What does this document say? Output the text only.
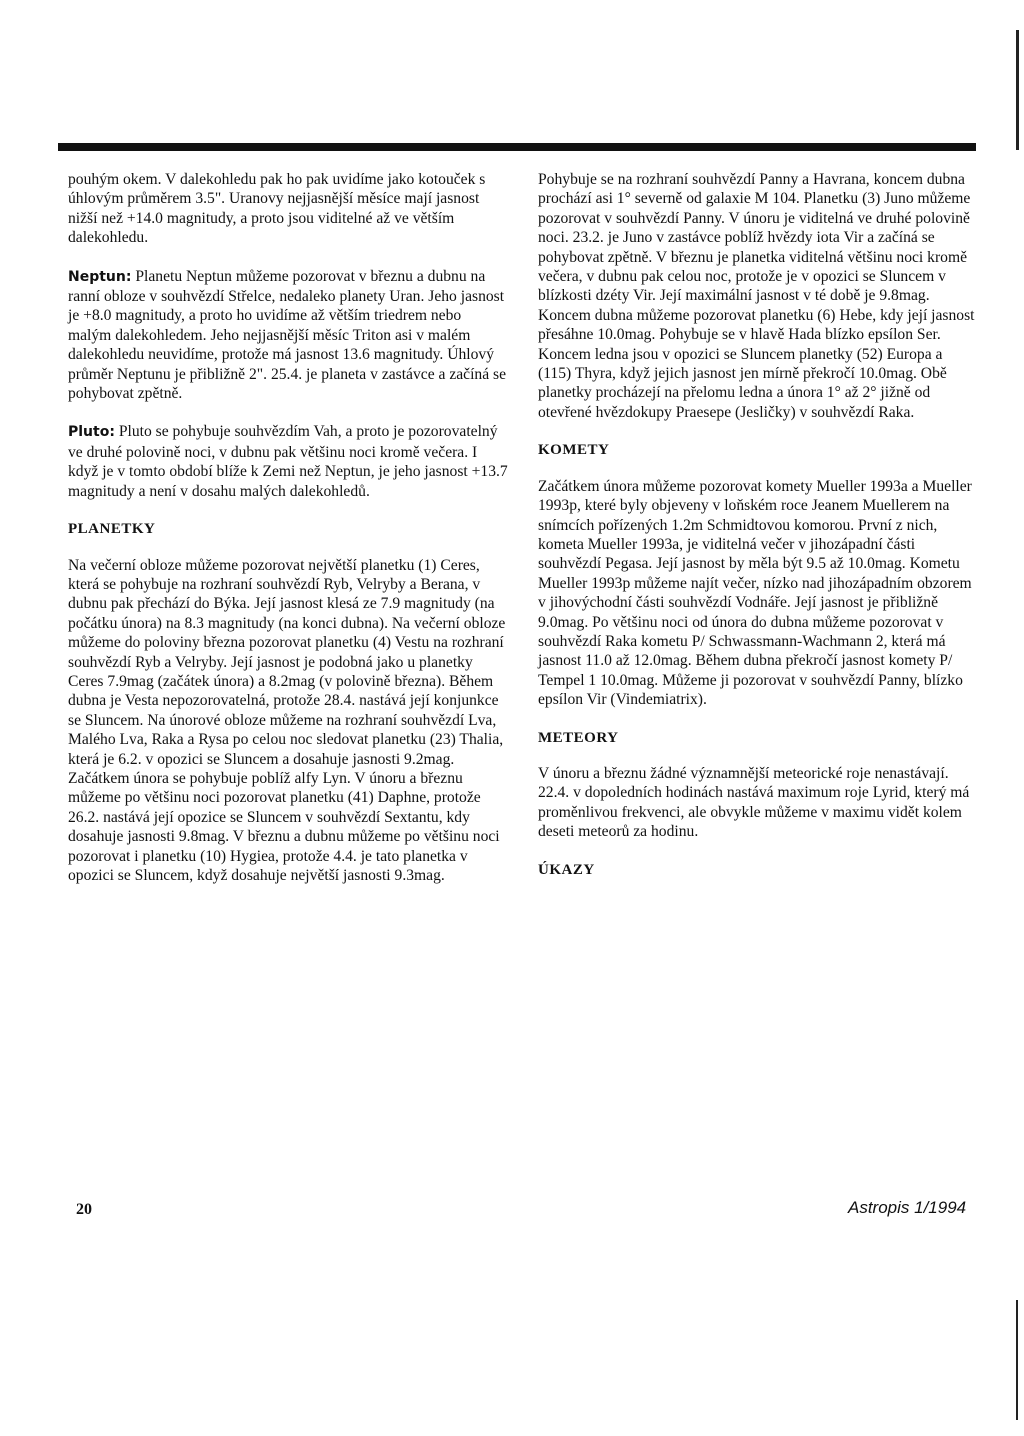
pouhým okem. V dalekohledu pak ho pak uvidíme jako kotouček s úhlovým průměrem 3.5". Uranovy nejjasnější měsíce mají jasnost nižší než +14.0 magnitudy, a proto jsou viditelné až ve větším dalekohledu.

Neptun: Planetu Neptun můžeme pozorovat v březnu a dubnu na ranní obloze v souhvězdí Střelce, nedaleko planety Uran. Jeho jasnost je +8.0 magnitudy, a proto ho uvidíme až větším triedrem nebo malým dalekohledem. Jeho nejjasnější měsíc Triton asi v malém dalekohledu neuvidíme, protože má jasnost 13.6 magnitudy. Úhlový průměr Neptunu je přibližně 2". 25.4. je planeta v zastávce a začíná se pohybovat zpětně.

Pluto: Pluto se pohybuje souhvězdím Vah, a proto je pozorovatelný ve druhé polovině noci, v dubnu pak většinu noci kromě večera. I když je v tomto období blíže k Zemi než Neptun, je jeho jasnost +13.7 magnitudy a není v dosahu malých dalekohledů.

PLANETKY

Na večerní obloze můžeme pozorovat největší planetku (1) Ceres, která se pohybuje na rozhraní souhvězdí Ryb, Velryby a Berana, v dubnu pak přechází do Býka. Její jasnost klesá ze 7.9 magnitudy (na počátku února) na 8.3 magnitudy (na konci dubna). Na večerní obloze můžeme do poloviny března pozorovat planetku (4) Vestu na rozhraní souhvězdí Ryb a Velryby. Její jasnost je podobná jako u planetky Ceres 7.9mag (začátek února) a 8.2mag (v polovině března). Během dubna je Vesta nepozorovatelná, protože 28.4. nastává její konjunkce se Sluncem. Na únorové obloze můžeme na rozhraní souhvězdí Lva, Malého Lva, Raka a Rysa po celou noc sledovat planetku (23) Thalia, která je 6.2. v opozici se Sluncem a dosahuje jasnosti 9.2mag. Začátkem února se pohybuje poblíž alfy Lyn. V únoru a březnu můžeme po většinu noci pozorovat planetku (41) Daphne, protože 26.2. nastává její opozice se Sluncem v souhvězdí Sextantu, kdy dosahuje jasnosti 9.8mag. V březnu a dubnu můžeme po většinu noci pozorovat i planetku (10) Hygiea, protože 4.4. je tato planetka v opozici se Sluncem, když dosahuje největší jasnosti 9.3mag.

Pohybuje se na rozhraní souhvězdí Panny a Havrana, koncem dubna prochází asi 1° severně od galaxie M 104. Planetku (3) Juno můžeme pozorovat v souhvězdí Panny. V únoru je viditelná ve druhé polovině noci. 23.2. je Juno v zastávce poblíž hvězdy iota Vir a začíná se pohybovat zpětně. V březnu je planetka viditelná většinu noci kromě večera, v dubnu pak celou noc, protože je v opozici se Sluncem v blízkosti dzéty Vir. Její maximální jasnost v té době je 9.8mag. Koncem dubna můžeme pozorovat planetku (6) Hebe, kdy její jasnost přesáhne 10.0mag. Pohybuje se v hlavě Hada blízko epsílon Ser. Koncem ledna jsou v opozici se Sluncem planetky (52) Europa a (115) Thyra, když jejich jasnost jen mírně překročí 10.0mag. Obě planetky procházejí na přelomu ledna a února 1° až 2° jižně od otevřené hvězdokupy Praesepe (Jesličky) v souhvězdí Raka.

KOMETY

Začátkem února můžeme pozorovat komety Mueller 1993a a Mueller 1993p, které byly objeveny v loňském roce Jeanem Muellerem na snímcích pořízených 1.2m Schmidtovou komorou. První z nich, kometa Mueller 1993a, je viditelná večer v jihozápadní části souhvězdí Pegasa. Její jasnost by měla být 9.5 až 10.0mag. Kometu Mueller 1993p můžeme najít večer, nízko nad jihozápadním obzorem v jihovýchodní části souhvězdí Vodnáře. Její jasnost je přibližně 9.0mag. Po většinu noci od února do dubna můžeme pozorovat v souhvězdí Raka kometu P/ Schwassmann-Wachmann 2, která má jasnost 11.0 až 12.0mag. Během dubna překročí jasnost komety P/ Tempel 1 10.0mag. Můžeme ji pozorovat v souhvězdí Panny, blízko epsílon Vir (Vindemiatrix).

METEORY

V únoru a březnu žádné významnější meteorické roje nenastávají. 22.4. v dopoledních hodinách nastává maximum roje Lyrid, který má proměnlivou frekvenci, ale obvykle můžeme v maximu vidět kolem deseti meteorů za hodinu.

ÚKAZY
20	Astropis 1/1994
